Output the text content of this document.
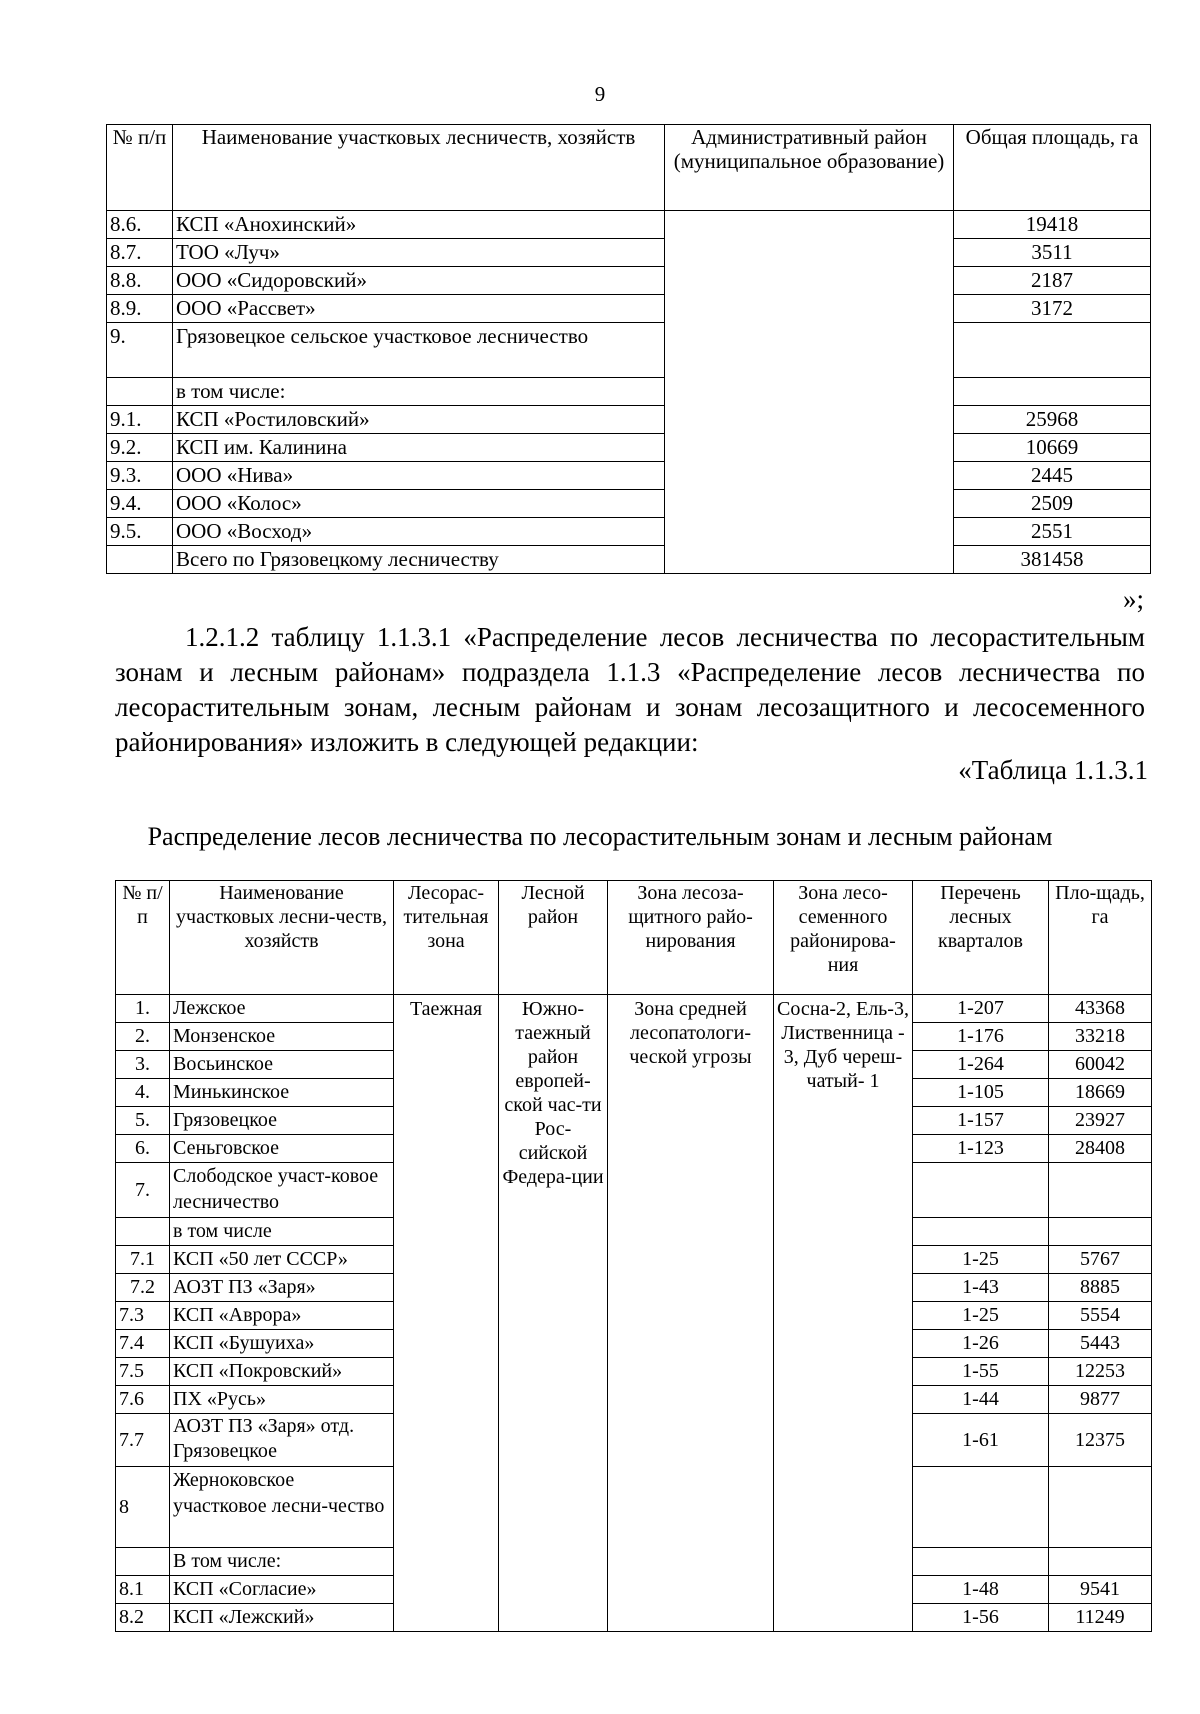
9
№ п/п	Наименование участковых лесничеств, хозяйств	Административный район (муниципальное образование)	Общая площадь, га
8.6.	КСП «Анохинский»		19418
8.7.	ТОО «Луч»		3511
8.8.	ООО «Сидоровский»		2187
8.9.	ООО «Рассвет»		3172
9.	Грязовецкое сельское участковое лесничество		
	в том числе:		
9.1.	КСП «Ростиловский»		25968
9.2.	КСП им. Калинина		10669
9.3.	ООО «Нива»		2445
9.4.	ООО «Колос»		2509
9.5.	ООО «Восход»		2551
	Всего по Грязовецкому лесничеству		381458
»;
1.2.1.2 таблицу 1.1.3.1 «Распределение лесов лесничества по лесорастительным зонам и лесным районам» подраздела 1.1.3 «Распределение лесов лесничества по лесорастительным зонам, лесным районам и зонам лесозащитного и лесосеменного районирования» изложить в следующей редакции:
«Таблица 1.1.3.1
Распределение лесов лесничества по лесорастительным зонам и лесным районам
№ п/п	Наименование участковых лесни-честв, хозяйств	Лесорас-тительная зона	Лесной район	Зона лесоза-щитного райо-нирования	Зона лесо-семенного районирова-ния	Перечень лесных кварталов	Пло-щадь, га
1.	Лежское	Таежная	Южно-таежный район европей-ской час-ти Рос-сийской Федера-ции	Зона средней лесопатологи-ческой угрозы	Сосна-2, Ель-3, Лиственница - 3, Дуб череш-чатый- 1	1-207	43368
2.	Монзенское					1-176	33218
3.	Восьинское					1-264	60042
4.	Минькинское					1-105	18669
5.	Грязовецкое					1-157	23927
6.	Сеньговское					1-123	28408
7.	Слободское участ-ковое лесничество						
	в том числе						
7.1	КСП «50 лет СССР»					1-25	5767
7.2	АОЗТ ПЗ «Заря»					1-43	8885
7.3	КСП «Аврора»					1-25	5554
7.4	КСП «Бушуиха»					1-26	5443
7.5	КСП «Покровский»					1-55	12253
7.6	ПХ «Русь»					1-44	9877
7.7	АОЗТ ПЗ «Заря» отд. Грязовецкое					1-61	12375
8	Жерноковское участковое лесни-чество						
	В том числе:						
8.1	КСП «Согласие»					1-48	9541
8.2	КСП «Лежский»					1-56	11249
